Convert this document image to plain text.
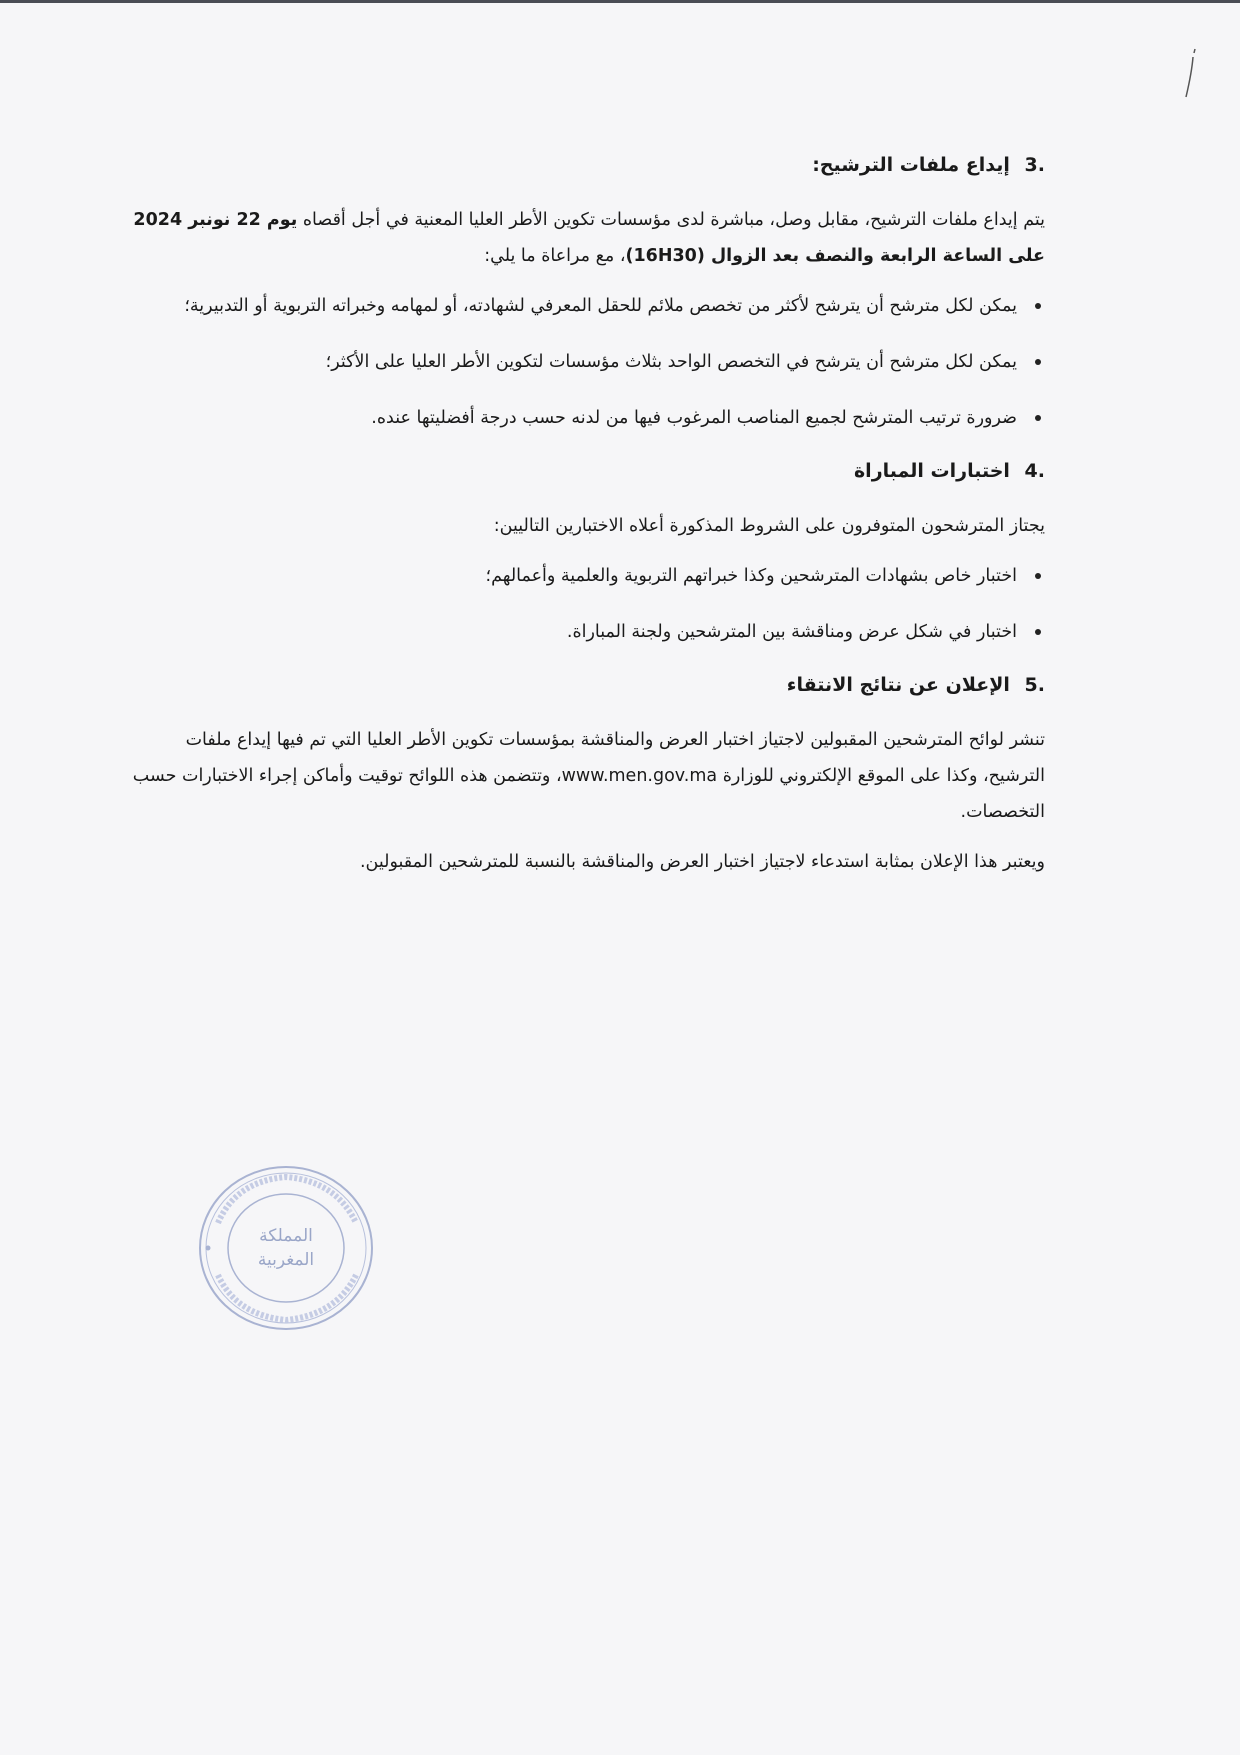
3. إيداع ملفات الترشيح:

يتم إيداع ملفات الترشيح، مقابل وصل، مباشرة لدى مؤسسات تكوين الأطر العليا المعنية في أجل أقصاه يوم 22 نونبر 2024 على الساعة الرابعة والنصف بعد الزوال (16H30)، مع مراعاة ما يلي:

يمكن لكل مترشح أن يترشح لأكثر من تخصص ملائم للحقل المعرفي لشهادته، أو لمهامه وخبراته التربوية أو التدبيرية؛
يمكن لكل مترشح أن يترشح في التخصص الواحد بثلاث مؤسسات لتكوين الأطر العليا على الأكثر؛
ضرورة ترتيب المترشح لجميع المناصب المرغوب فيها من لدنه حسب درجة أفضليتها عنده.
4. اختبارات المباراة

يجتاز المترشحون المتوفرون على الشروط المذكورة أعلاه الاختبارين التاليين:

اختبار خاص بشهادات المترشحين وكذا خبراتهم التربوية والعلمية وأعمالهم؛
اختبار في شكل عرض ومناقشة بين المترشحين ولجنة المباراة.
5. الإعلان عن نتائج الانتقاء

تنشر لوائح المترشحين المقبولين لاجتياز اختبار العرض والمناقشة بمؤسسات تكوين الأطر العليا التي تم فيها إيداع ملفات الترشيح، وكذا على الموقع الإلكتروني للوزارة www.men.gov.ma، وتتضمن هذه اللوائح توقيت وأماكن إجراء الاختبارات حسب التخصصات.

ويعتبر هذا الإعلان بمثابة استدعاء لاجتياز اختبار العرض والمناقشة بالنسبة للمترشحين المقبولين.

المملكة
المغربية
